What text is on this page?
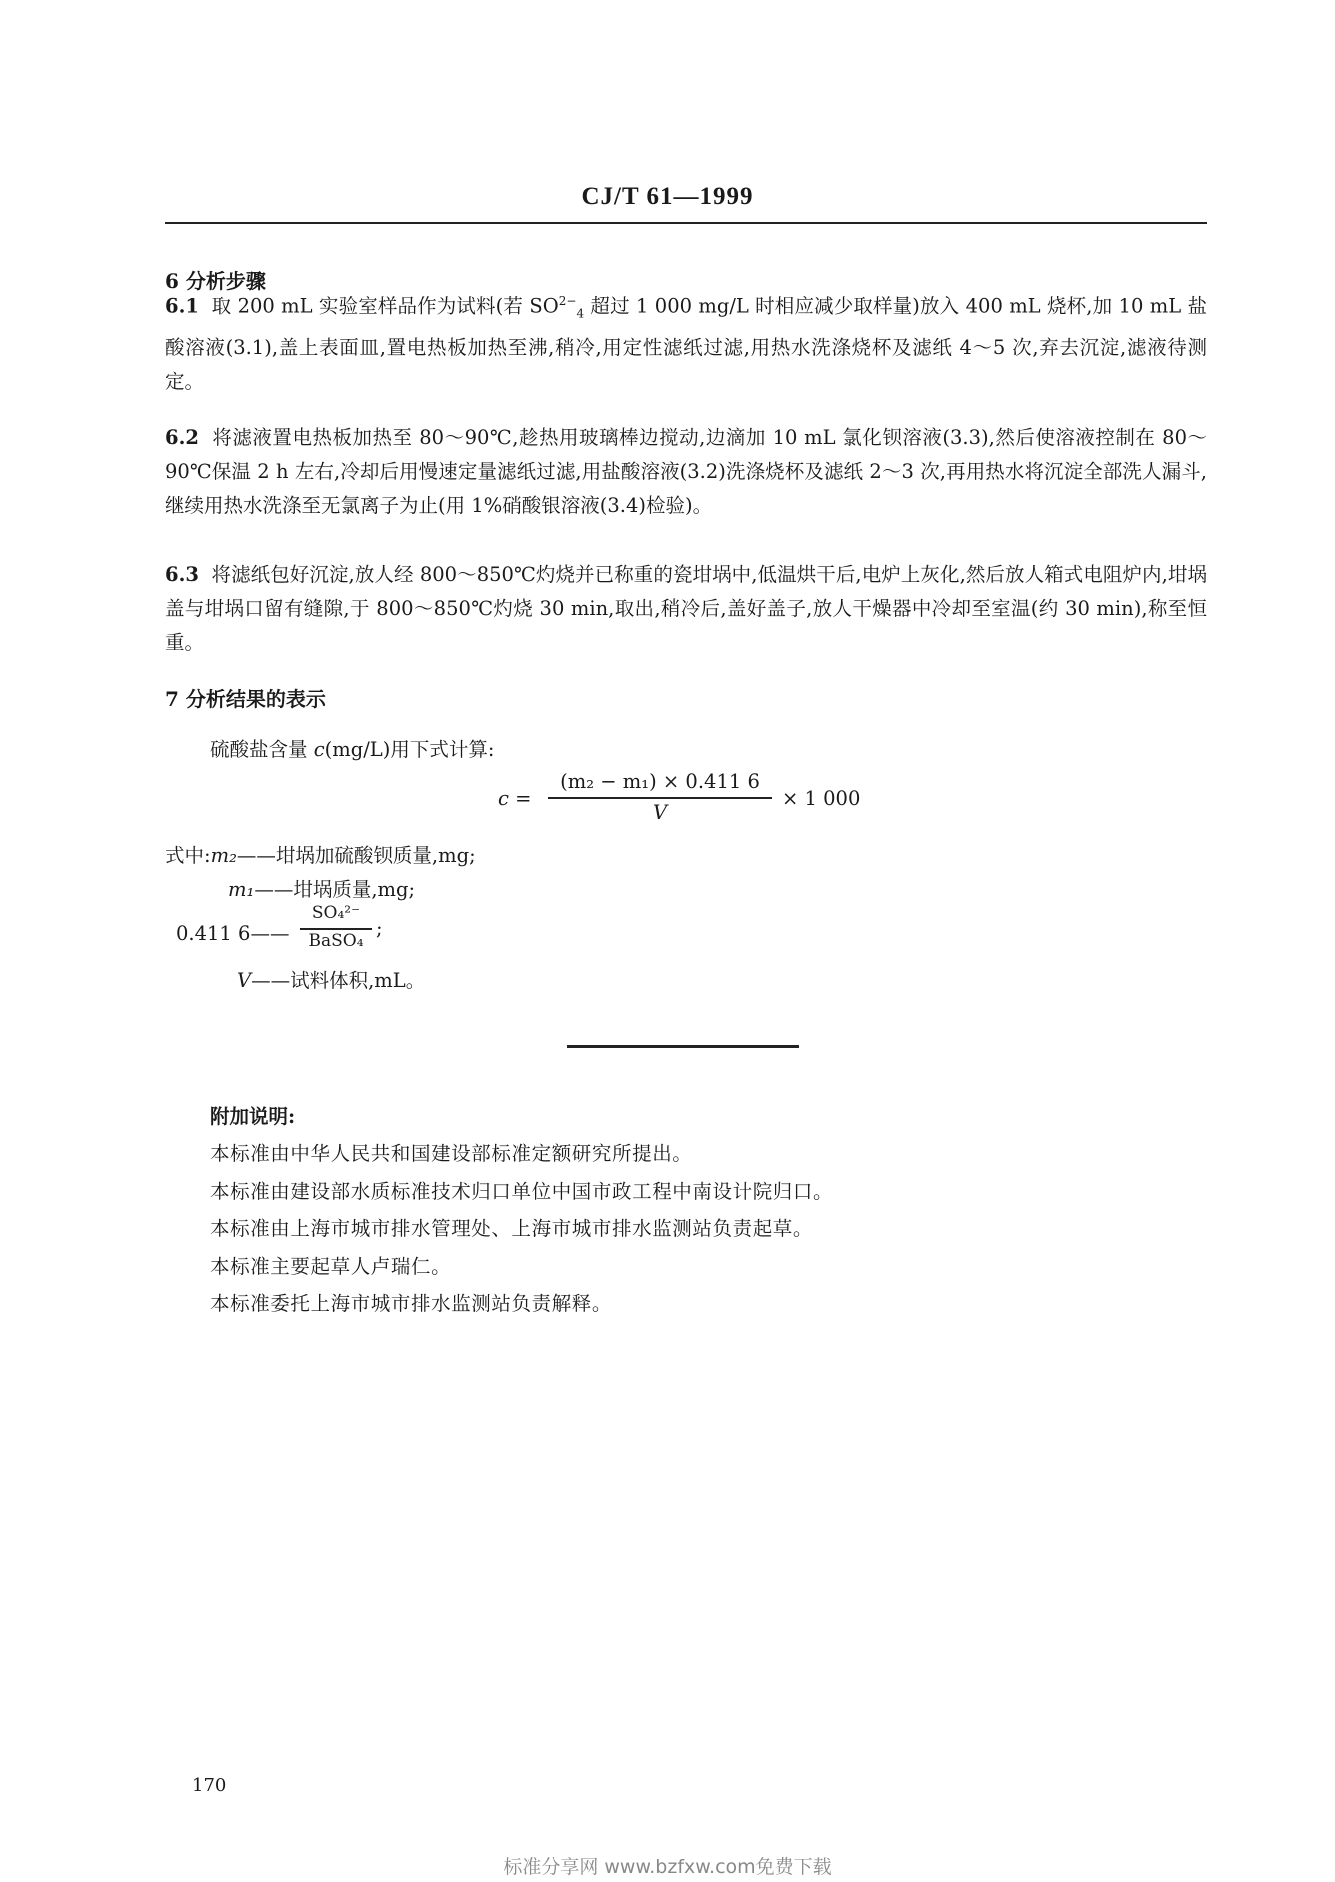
CJ/T 61—1999
6 分析步骤
6.1 取 200 mL 实验室样品作为试料(若 $SO^{2-}_4$ 超过 1 000 mg/L 时相应减少取样量)放入 400 mL 烧杯,加 10 mL 盐酸溶液(3.1),盖上表面皿,置电热板加热至沸,稍冷,用定性滤纸过滤,用热水洗涤烧杯及滤纸 4～5 次,弃去沉淀,滤液待测定。
6.2 将滤液置电热板加热至 80～90℃,趁热用玻璃棒边搅动,边滴加 10 mL 氯化钡溶液(3.3),然后使溶液控制在 80～90℃保温 2 h 左右,冷却后用慢速定量滤纸过滤,用盐酸溶液(3.2)洗涤烧杯及滤纸 2～3 次,再用热水将沉淀全部洗人漏斗,继续用热水洗涤至无氯离子为止(用 1%硝酸银溶液(3.4)检验)。
6.3 将滤纸包好沉淀,放人经 800～850℃灼烧并已称重的瓷坩埚中,低温烘干后,电炉上灰化,然后放人箱式电阻炉内,坩埚盖与坩埚口留有缝隙,于 800～850℃灼烧 30 min,取出,稍冷后,盖好盖子,放人干燥器中冷却至室温(约 30 min),称至恒重。
7 分析结果的表示
硫酸盐含量 c(mg/L)用下式计算:
c =
(m₂ − m₁) × 0.411 6
V
× 1 000
式中:m₂——坩埚加硫酸钡质量,mg;
m₁——坩埚质量,mg;
0.411 6——
SO₄²⁻
BaSO₄
;
V——试料体积,mL。
附加说明:
本标准由中华人民共和国建设部标准定额研究所提出。
本标准由建设部水质标准技术归口单位中国市政工程中南设计院归口。
本标准由上海市城市排水管理处、上海市城市排水监测站负责起草。
本标准主要起草人卢瑞仁。
本标准委托上海市城市排水监测站负责解释。
170
标准分享网 www.bzfxw.com免费下载
